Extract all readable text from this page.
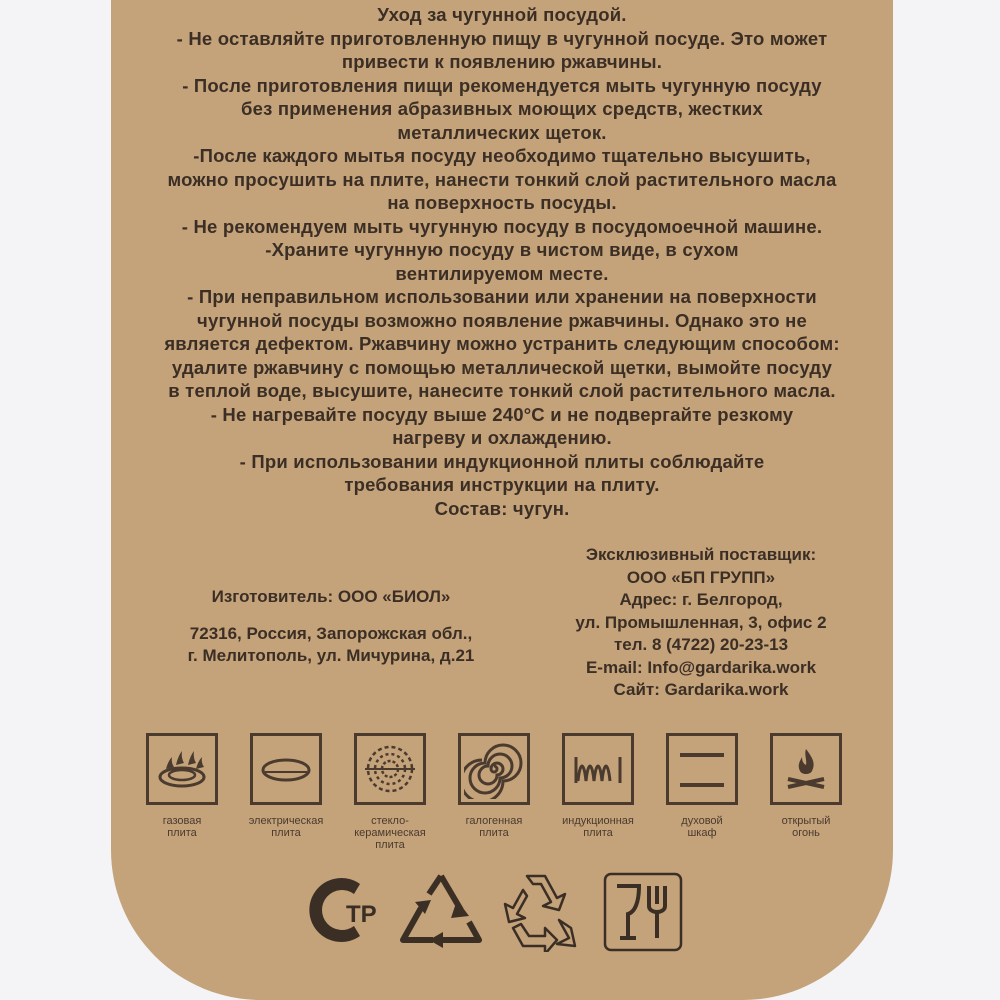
Уход за чугунной посудой.
- Не оставляйте приготовленную пищу в чугунной посуде. Это может
привести к появлению ржавчины.
- После приготовления пищи рекомендуется мыть чугунную посуду
без применения абразивных моющих средств, жестких
металлических щеток.
-После каждого мытья посуду необходимо тщательно высушить,
можно просушить на плите, нанести тонкий слой растительного масла
на поверхность посуды.
- Не рекомендуем мыть чугунную посуду в посудомоечной машине.
-Храните чугунную посуду в чистом виде, в сухом
вентилируемом месте.
- При неправильном использовании или хранении на поверхности
чугунной посуды возможно появление ржавчины. Однако это не
является дефектом. Ржавчину можно устранить следующим способом:
удалите ржавчину с помощью металлической щетки, вымойте посуду
в теплой воде, высушите, нанесите тонкий слой растительного масла.
- Не нагревайте посуду выше 240°С и не подвергайте резкому
нагреву и охлаждению.
- При использовании индукционной плиты соблюдайте
требования инструкции на плиту.
Состав: чугун.
Изготовитель: ООО «БИОЛ»
72316, Россия, Запорожская обл.,
г. Мелитополь, ул. Мичурина, д.21
Эксклюзивный поставщик:
ООО «БП ГРУПП»
Адрес: г. Белгород,
ул. Промышленная, 3, офис 2
тел. 8 (4722) 20-23-13
E-mail: Info@gardarika.work
Сайт: Gardarika.work
газовая
плита
электрическая
плита
стекло-
керамическая
плита
галогенная
плита
индукционная
плита
духовой
шкаф
открытый
огонь
ТР
